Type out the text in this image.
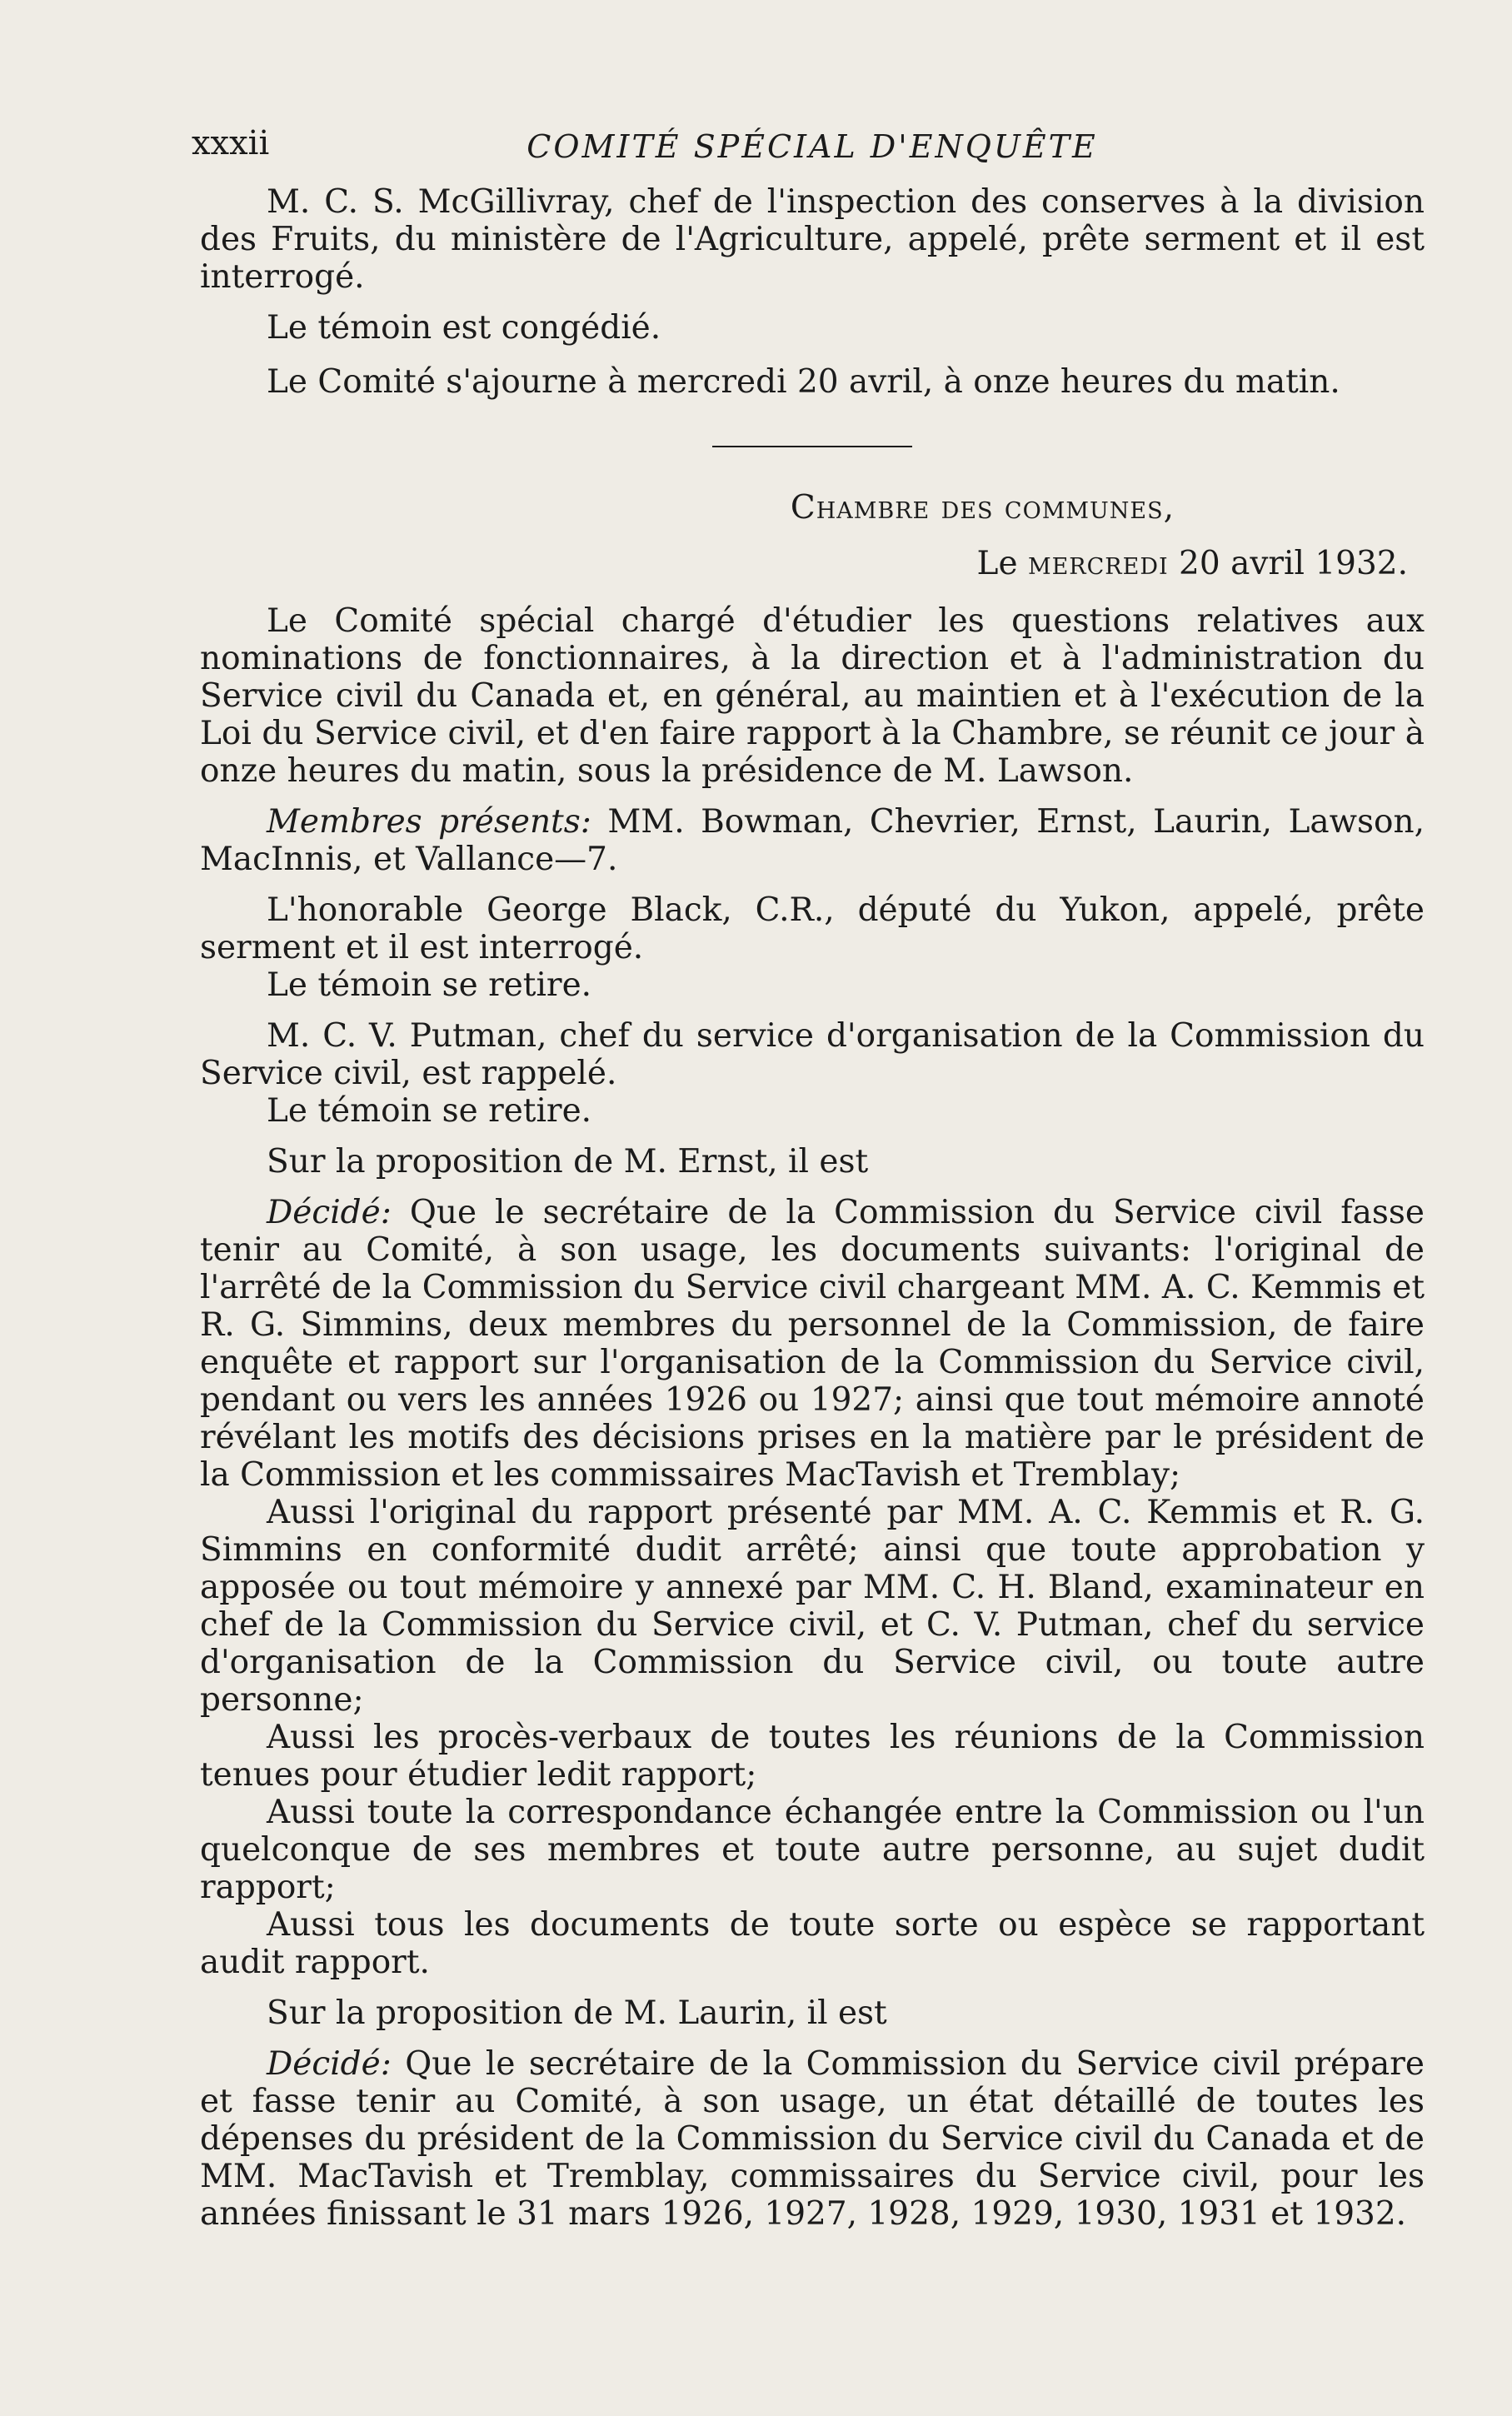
xxxii	COMITÉ SPÉCIAL D'ENQUÊTE

M. C. S. McGillivray, chef de l'inspection des conserves à la division des Fruits, du ministère de l'Agriculture, appelé, prête serment et il est interrogé.

Le témoin est congédié.

Le Comité s'ajourne à mercredi 20 avril, à onze heures du matin.

Chambre des communes,

Le mercredi 20 avril 1932.

Le Comité spécial chargé d'étudier les questions relatives aux nominations de fonctionnaires, à la direction et à l'administration du Service civil du Canada et, en général, au maintien et à l'exécution de la Loi du Service civil, et d'en faire rapport à la Chambre, se réunit ce jour à onze heures du matin, sous la présidence de M. Lawson.

Membres présents: MM. Bowman, Chevrier, Ernst, Laurin, Lawson, MacInnis, et Vallance—7.

L'honorable George Black, C.R., député du Yukon, appelé, prête serment et il est interrogé.

Le témoin se retire.

M. C. V. Putman, chef du service d'organisation de la Commission du Service civil, est rappelé.

Le témoin se retire.

Sur la proposition de M. Ernst, il est

Décidé: Que le secrétaire de la Commission du Service civil fasse tenir au Comité, à son usage, les documents suivants: l'original de l'arrêté de la Commission du Service civil chargeant MM. A. C. Kemmis et R. G. Simmins, deux membres du personnel de la Commission, de faire enquête et rapport sur l'organisation de la Commission du Service civil, pendant ou vers les années 1926 ou 1927; ainsi que tout mémoire annoté révélant les motifs des décisions prises en la matière par le président de la Commission et les commissaires MacTavish et Tremblay;

Aussi l'original du rapport présenté par MM. A. C. Kemmis et R. G. Simmins en conformité dudit arrêté; ainsi que toute approbation y apposée ou tout mémoire y annexé par MM. C. H. Bland, examinateur en chef de la Commission du Service civil, et C. V. Putman, chef du service d'organisation de la Commission du Service civil, ou toute autre personne;

Aussi les procès-verbaux de toutes les réunions de la Commission tenues pour étudier ledit rapport;

Aussi toute la correspondance échangée entre la Commission ou l'un quelconque de ses membres et toute autre personne, au sujet dudit rapport;

Aussi tous les documents de toute sorte ou espèce se rapportant audit rapport.

Sur la proposition de M. Laurin, il est

Décidé: Que le secrétaire de la Commission du Service civil prépare et fasse tenir au Comité, à son usage, un état détaillé de toutes les dépenses du président de la Commission du Service civil du Canada et de MM. MacTavish et Tremblay, commissaires du Service civil, pour les années finissant le 31 mars 1926, 1927, 1928, 1929, 1930, 1931 et 1932.
